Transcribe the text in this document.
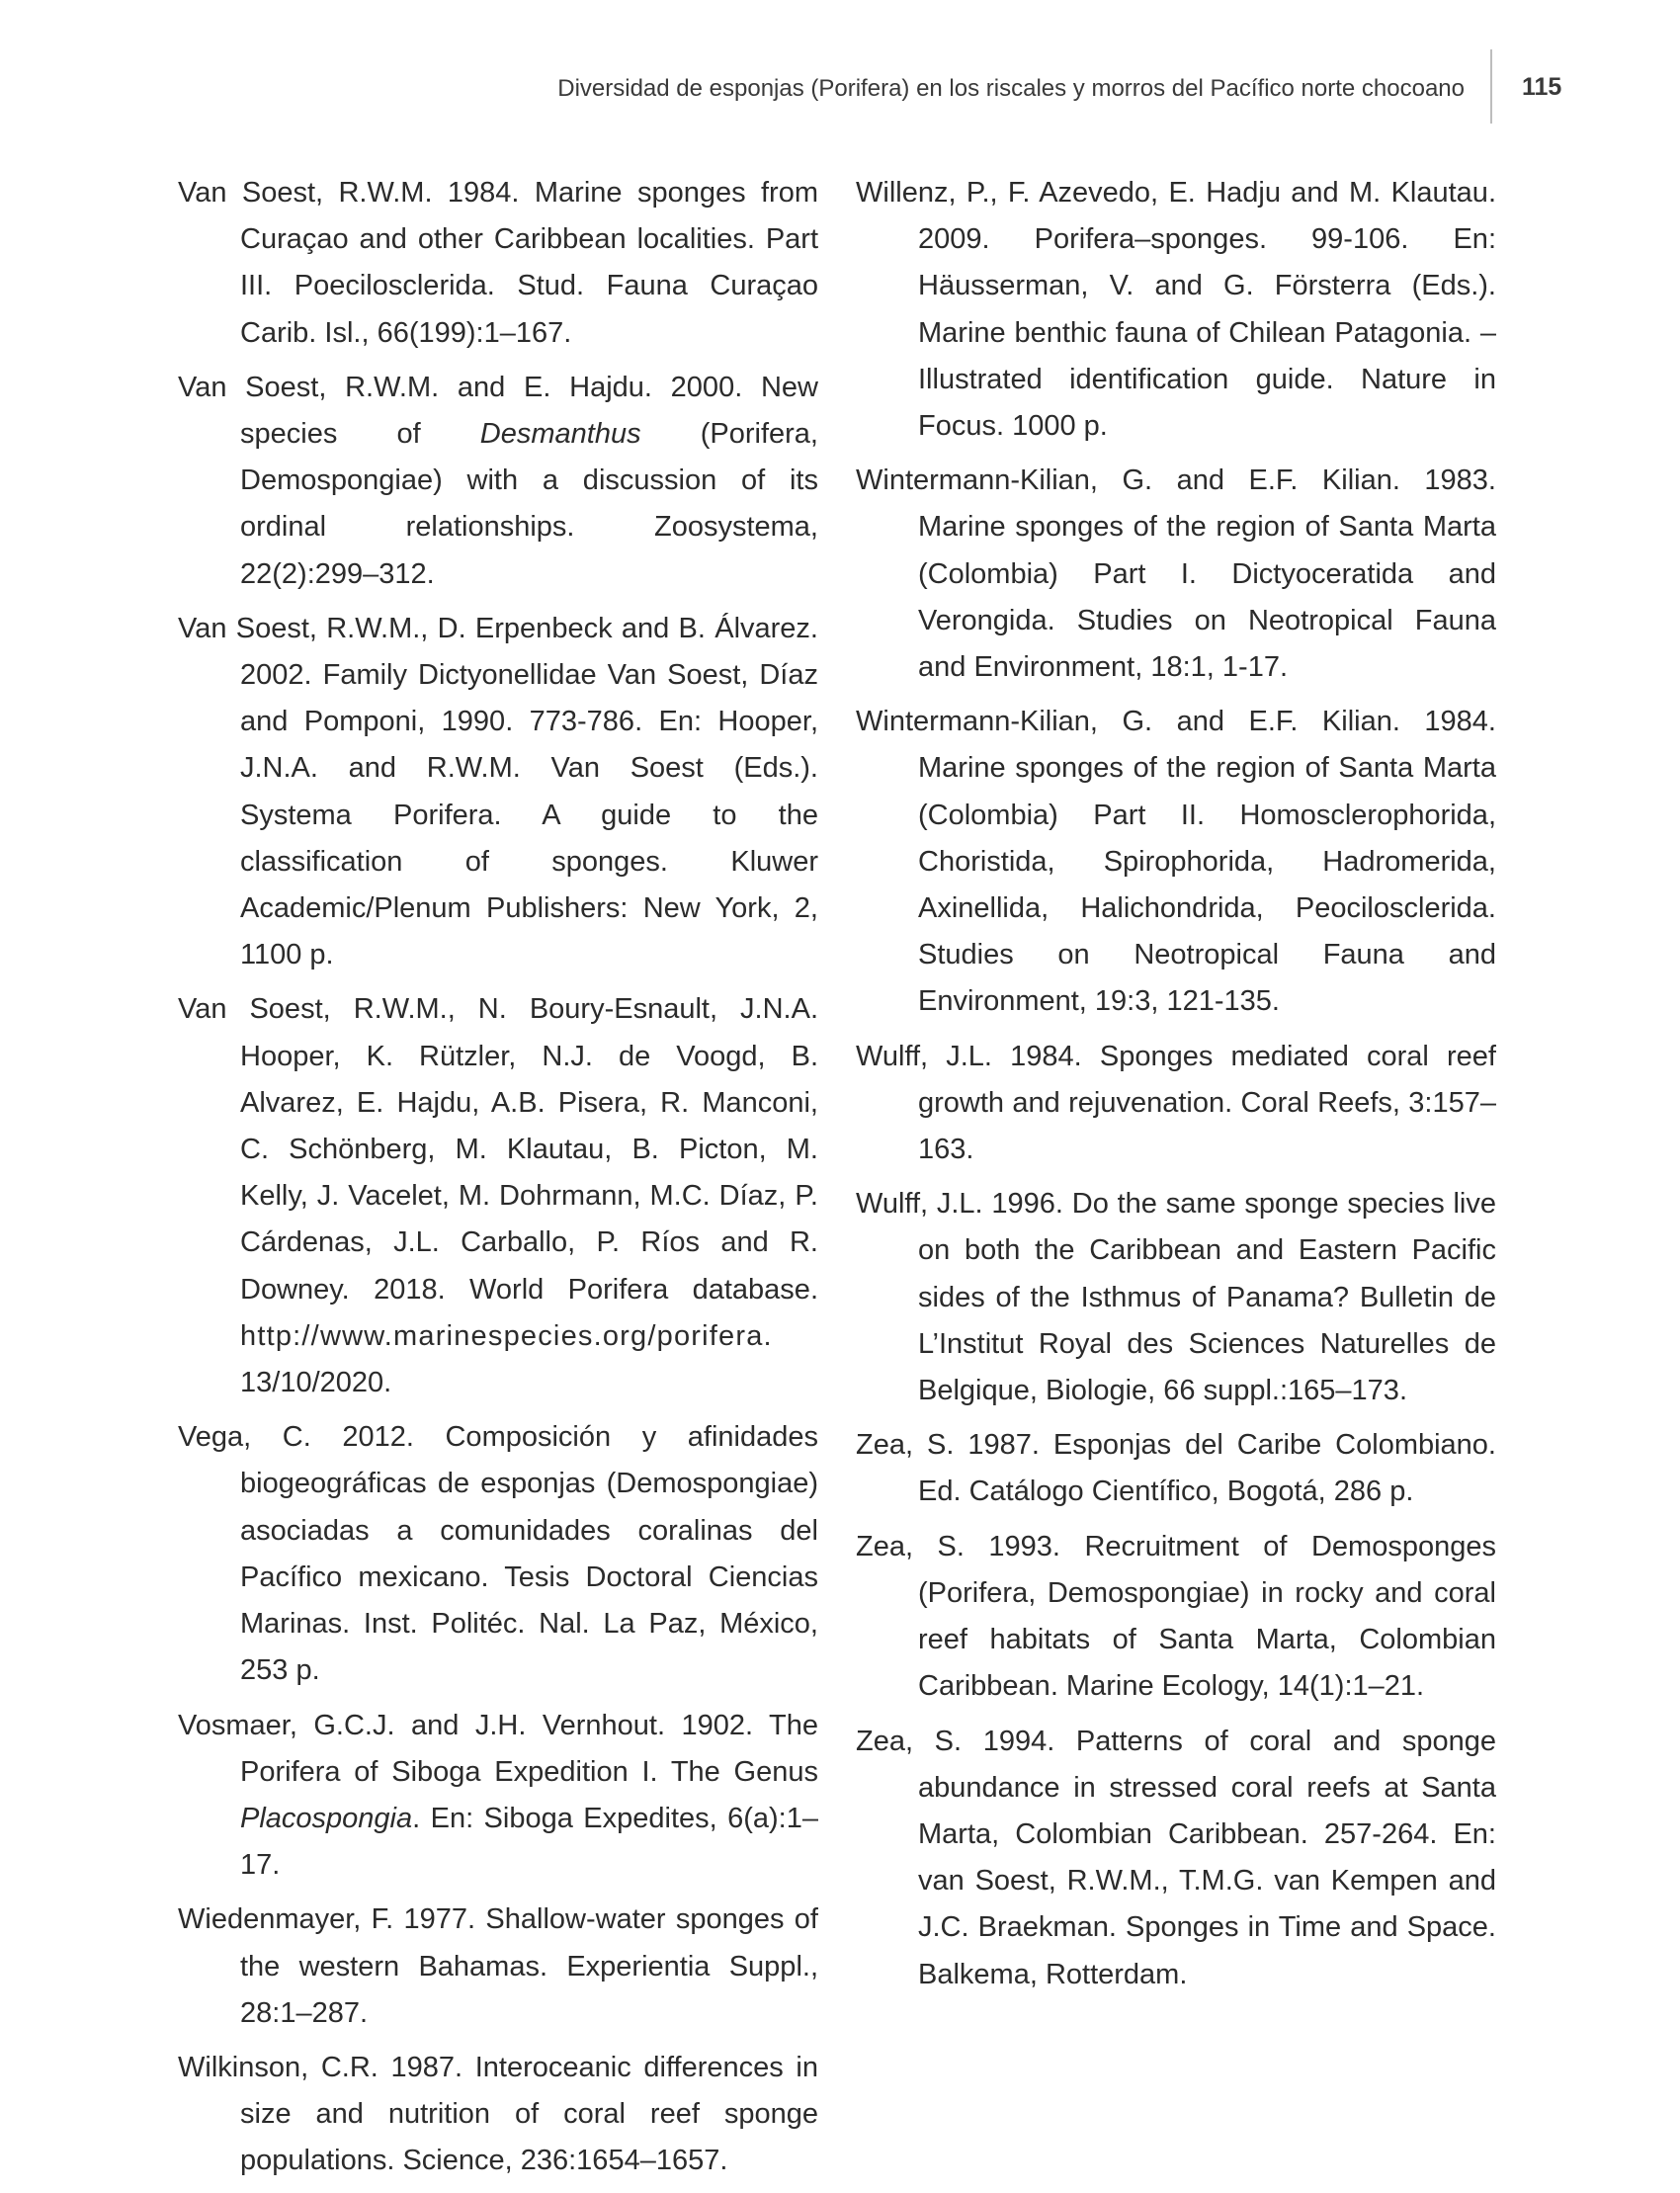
Diversidad de esponjas (Porifera) en los riscales y morros del Pacífico norte chocoano 115

Van Soest, R.W.M. 1984. Marine sponges from Curaçao and other Caribbean localities. Part III. Poecilosclerida. Stud. Fauna Curaçao Carib. Isl., 66(199):1–167.

Van Soest, R.W.M. and E. Hajdu. 2000. New species of Desmanthus (Porifera, Demospongiae) with a discussion of its ordinal relationships. Zoosystema, 22(2):299–312.

Van Soest, R.W.M., D. Erpenbeck and B. Álvarez. 2002. Family Dictyonellidae Van Soest, Díaz and Pomponi, 1990. 773-786. En: Hooper, J.N.A. and R.W.M. Van Soest (Eds.). Systema Porifera. A guide to the classification of sponges. Kluwer Academic/Plenum Publishers: New York, 2, 1100 p.

Van Soest, R.W.M., N. Boury-Esnault, J.N.A. Hooper, K. Rützler, N.J. de Voogd, B. Alvarez, E. Hajdu, A.B. Pisera, R. Manconi, C. Schönberg, M. Klautau, B. Picton, M. Kelly, J. Vacelet, M. Dohrmann, M.C. Díaz, P. Cárdenas, J.L. Carballo, P. Ríos and R. Downey. 2018. World Porifera database. http://www.marinespecies.org/porifera. 13/10/2020.

Vega, C. 2012. Composición y afinidades biogeográficas de esponjas (Demospongiae) asociadas a comunidades coralinas del Pacífico mexicano. Tesis Doctoral Ciencias Marinas. Inst. Politéc. Nal. La Paz, México, 253 p.

Vosmaer, G.C.J. and J.H. Vernhout. 1902. The Porifera of Siboga Expedition I. The Genus Placospongia. En: Siboga Expedites, 6(a):1–17.

Wiedenmayer, F. 1977. Shallow-water sponges of the western Bahamas. Experientia Suppl., 28:1–287.

Wilkinson, C.R. 1987. Interoceanic differences in size and nutrition of coral reef sponge populations. Science, 236:1654–1657.

Willenz, P., F. Azevedo, E. Hadju and M. Klautau. 2009. Porifera–sponges. 99-106. En: Häusserman, V. and G. Försterra (Eds.). Marine benthic fauna of Chilean Patagonia. – Illustrated identification guide. Nature in Focus. 1000 p.

Wintermann-Kilian, G. and E.F. Kilian. 1983. Marine sponges of the region of Santa Marta (Colombia) Part I. Dictyoceratida and Verongida. Studies on Neotropical Fauna and Environment, 18:1, 1-17.

Wintermann-Kilian, G. and E.F. Kilian. 1984. Marine sponges of the region of Santa Marta (Colombia) Part II. Homosclerophorida, Choristida, Spirophorida, Hadromerida, Axinellida, Halichondrida, Peocilosclerida. Studies on Neotropical Fauna and Environment, 19:3, 121-135.

Wulff, J.L. 1984. Sponges mediated coral reef growth and rejuvenation. Coral Reefs, 3:157–163.

Wulff, J.L. 1996. Do the same sponge species live on both the Caribbean and Eastern Pacific sides of the Isthmus of Panama? Bulletin de L’Institut Royal des Sciences Naturelles de Belgique, Biologie, 66 suppl.:165–173.

Zea, S. 1987. Esponjas del Caribe Colombiano. Ed. Catálogo Científico, Bogotá, 286 p.

Zea, S. 1993. Recruitment of Demosponges (Porifera, Demospongiae) in rocky and coral reef habitats of Santa Marta, Colombian Caribbean. Marine Ecology, 14(1):1–21.

Zea, S. 1994. Patterns of coral and sponge abundance in stressed coral reefs at Santa Marta, Colombian Caribbean. 257-264. En: van Soest, R.W.M., T.M.G. van Kempen and J.C. Braekman. Sponges in Time and Space. Balkema, Rotterdam.
